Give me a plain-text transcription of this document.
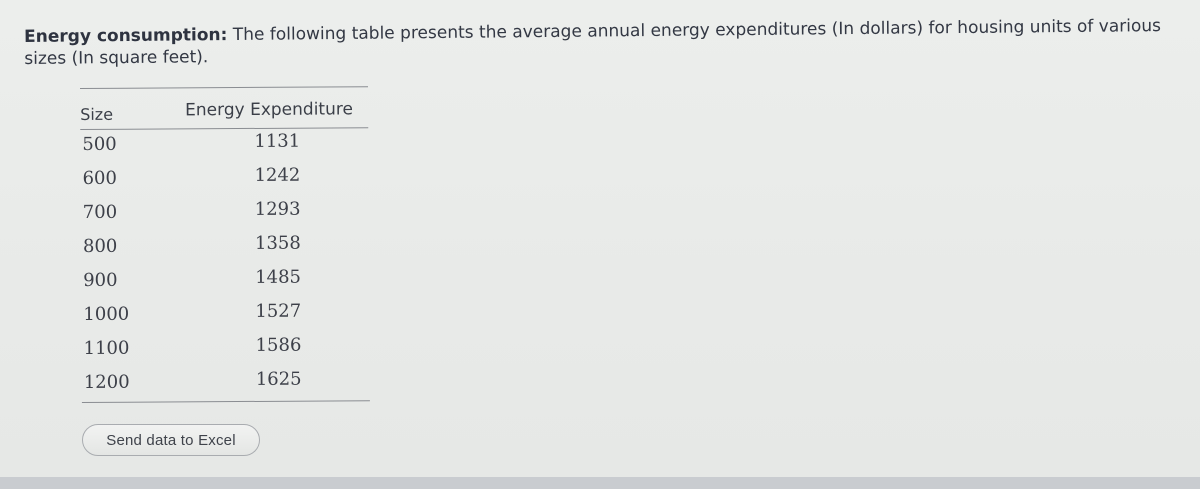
Energy consumption: The following table presents the average annual energy expenditures (In dollars) for housing units of various sizes (In square feet).
Size	Energy Expenditure
500	1131
600	1242
700	1293
800	1358
900	1485
1000	1527
1100	1586
1200	1625
Send data to Excel
